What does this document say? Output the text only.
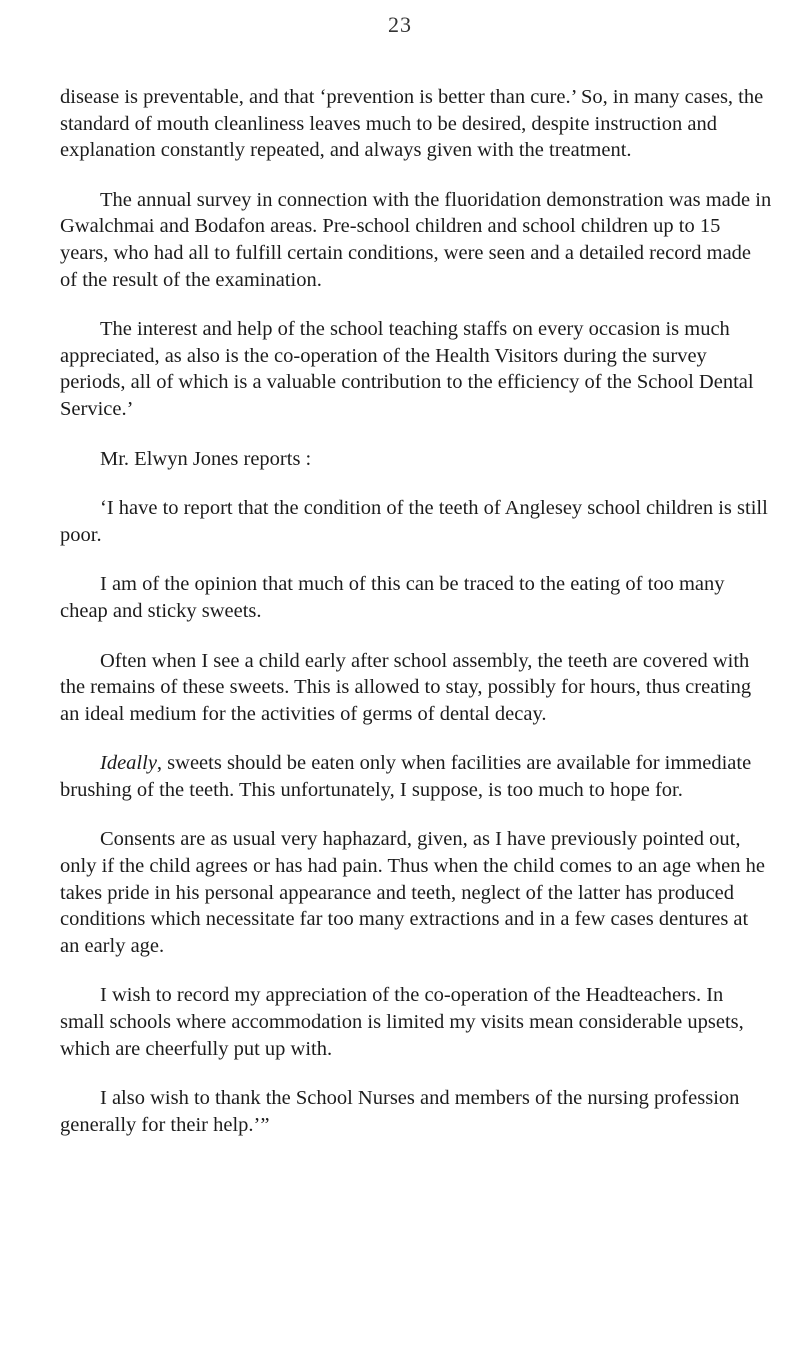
23

disease is preventable, and that ‘prevention is better than cure.’ So, in many cases, the standard of mouth cleanliness leaves much to be desired, despite instruction and explanation constantly repeated, and always given with the treatment.

The annual survey in connection with the fluoridation demonstration was made in Gwalchmai and Bodafon areas. Pre-school children and school children up to 15 years, who had all to fulfill certain conditions, were seen and a detailed record made of the result of the examination.

The interest and help of the school teaching staffs on every occasion is much appreciated, as also is the co-operation of the Health Visitors during the survey periods, all of which is a valuable contribution to the efficiency of the School Dental Service.’

Mr. Elwyn Jones reports :

‘I have to report that the condition of the teeth of Anglesey school children is still poor.

I am of the opinion that much of this can be traced to the eating of too many cheap and sticky sweets.

Often when I see a child early after school assembly, the teeth are covered with the remains of these sweets. This is allowed to stay, possibly for hours, thus creating an ideal medium for the activities of germs of dental decay.

Ideally, sweets should be eaten only when facilities are available for immediate brushing of the teeth. This unfortunately, I suppose, is too much to hope for.

Consents are as usual very haphazard, given, as I have previously pointed out, only if the child agrees or has had pain. Thus when the child comes to an age when he takes pride in his personal appearance and teeth, neglect of the latter has produced conditions which necessitate far too many extractions and in a few cases dentures at an early age.

I wish to record my appreciation of the co-operation of the Headteachers. In small schools where accommodation is limited my visits mean considerable upsets, which are cheerfully put up with.

I also wish to thank the School Nurses and members of the nursing profession generally for their help.’”
